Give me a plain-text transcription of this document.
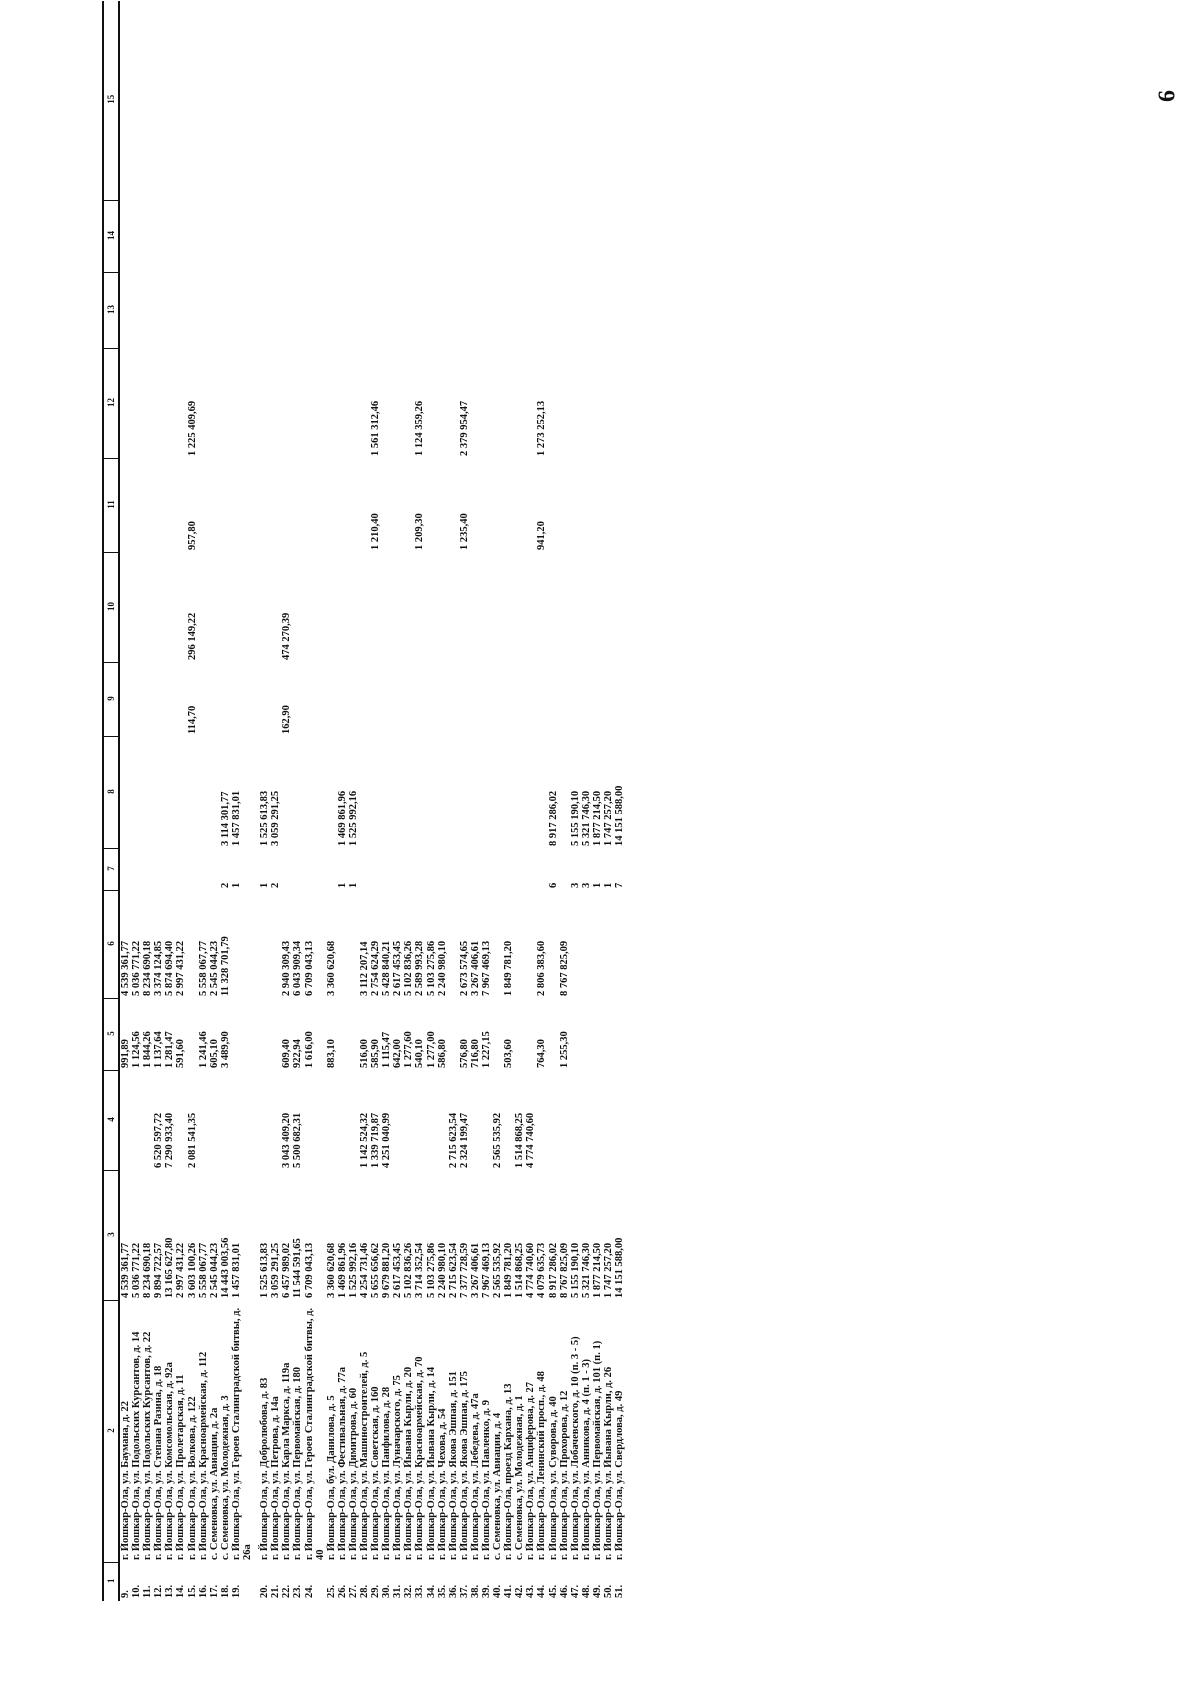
6
1	2	3	4	5	6	7	8	9	10	11	12	13	14	15
9.	г. Йошкар-Ола, ул. Баумана, д. 22	4 539 361,77		991,89	4 539 361,77									
10.	г. Йошкар-Ола, ул. Подольских Курсантов, д. 14	5 036 771,22		1 124,56	5 036 771,22									
11.	г. Йошкар-Ола, ул. Подольских Курсантов, д. 22	8 234 690,18		1 844,26	8 234 690,18									
12.	г. Йошкар-Ола, ул. Степана Разина, д. 18	9 894 722,57	6 520 597,72	1 137,64	3 374 124,85									
13.	г. Йошкар-Ола, ул. Комсомольская, д. 92а	13 165 627,80	7 290 933,40	1 281,47	5 874 694,40									
14.	г. Йошкар-Ола, ул. Пролетарская, д. 11	2 997 431,22		591,60	2 997 431,22									
15.	г. Йошкар-Ола, ул. Волкова, д. 122	3 603 100,26	2 081 541,35					114,70	296 149,22	957,80	1 225 409,69			
16.	г. Йошкар-Ола, ул. Красноармейская, д. 112	5 558 067,77		1 241,46	5 558 067,77									
17.	с. Семеновка, ул. Авиации, д. 2а	2 545 044,23		605,10	2 545 044,23									
18.	с. Семеновка, ул. Молодежная, д. 3	14 443 003,56		3 489,90	11 328 701,79	2	3 114 301,77							
19.	г. Йошкар-Ола, ул. Героев Сталинградской битвы, д. 26а	1 457 831,01				1	1 457 831,01							
20.	г. Йошкар-Ола, ул. Добролюбова, д. 83	1 525 613,83				1	1 525 613,83							
21.	г. Йошкар-Ола, ул. Петрова, д. 14а	3 059 291,25				2	3 059 291,25							
22.	г. Йошкар-Ола, ул. Карла Маркса, д. 119а	6 457 989,02	3 043 409,20	609,40	2 940 309,43			162,90	474 270,39					
23.	г. Йошкар-Ола, ул. Первомайская, д. 180	11 544 591,65	5 500 682,31	922,94	6 043 909,34									
24.	г. Йошкар-Ола, ул. Героев Сталинградской битвы, д. 40	6 709 043,13		1 616,00	6 709 043,13									
25.	г. Йошкар-Ола, бул. Данилова, д. 5	3 360 620,68		883,10	3 360 620,68									
26.	г. Йошкар-Ола, ул. Фестивальная, д. 77а	1 469 861,96				1	1 469 861,96							
27.	г. Йошкар-Ола, ул. Димитрова, д. 60	1 525 992,16				1	1 525 992,16							
28.	г. Йошкар-Ола, ул. Машиностроителей, д. 5	4 254 731,46	1 142 524,32	516,00	3 112 207,14									
29.	г. Йошкар-Ола, ул. Советская, д. 160	5 655 656,62	1 339 719,87	585,90	2 754 624,29					1 210,40	1 561 312,46			
30.	г. Йошкар-Ола, ул. Панфилова, д. 28	9 679 881,20	4 251 040,99	1 115,47	5 428 840,21									
31.	г. Йошкар-Ола, ул. Луначарского, д. 75	2 617 453,45		642,00	2 617 453,45									
32.	г. Йошкар-Ола, ул. Йывана Кырли, д. 20	5 102 836,26		1 277,60	5 102 836,26									
33.	г. Йошкар-Ола, ул. Красноармейская, д. 70	3 714 352,54		540,10	2 589 993,28					1 209,30	1 124 359,26			
34.	г. Йошкар-Ола, ул. Йывана Кырли, д. 14	5 103 275,86		1 277,00	5 103 275,86									
35.	г. Йошкар-Ола, ул. Чехова, д. 54	2 240 980,10		586,80	2 240 980,10									
36.	г. Йошкар-Ола, ул. Якова Эшпая, д. 151	2 715 623,54	2 715 623,54											
37.	г. Йошкар-Ола, ул. Якова Эшпая, д. 175	7 377 728,59	2 324 199,47	576,80	2 673 574,65					1 235,40	2 379 954,47			
38.	г. Йошкар-Ола, ул. Лебедева, д. 47а	3 267 406,61		716,80	3 267 406,61									
39.	г. Йошкар-Ола, ул. Павленко, д. 9	7 967 469,13		1 227,15	7 967 469,13									
40.	с. Семеновка, ул. Авиации, д. 4	2 565 535,92	2 565 535,92											
41.	г. Йошкар-Ола, проезд Кархана, д. 13	1 849 781,20		503,60	1 849 781,20									
42.	с. Семеновка, ул. Молодежная, д. 1	1 514 868,25	1 514 868,25											
43.	г. Йошкар-Ола, ул. Анциферова, д. 27	4 774 740,60	4 774 740,60											
44.	г. Йошкар-Ола, Ленинский просп., д. 48	4 079 635,73		764,30	2 806 383,60					941,20	1 273 252,13			
45.	г. Йошкар-Ола, ул. Суворова, д. 40	8 917 286,02				6	8 917 286,02							
46.	г. Йошкар-Ола, ул. Прохорова, д. 12	8 767 825,09		1 255,30	8 767 825,09									
47.	г. Йошкар-Ола, ул. Лобачевского, д. 10 (п. 3 - 5)	5 155 190,10				3	5 155 190,10							
48.	г. Йошкар-Ола, ул. Анникова, д. 4 (п. 1 - 3)	5 321 746,30				3	5 321 746,30							
49.	г. Йошкар-Ола, ул. Первомайская, д. 101 (п. 1)	1 877 214,50				1	1 877 214,50							
50.	г. Йошкар-Ола, ул. Йывана Кырли, д. 26	1 747 257,20				1	1 747 257,20							
51.	г. Йошкар-Ола, ул. Свердлова, д. 49	14 151 588,00				7	14 151 588,00							
